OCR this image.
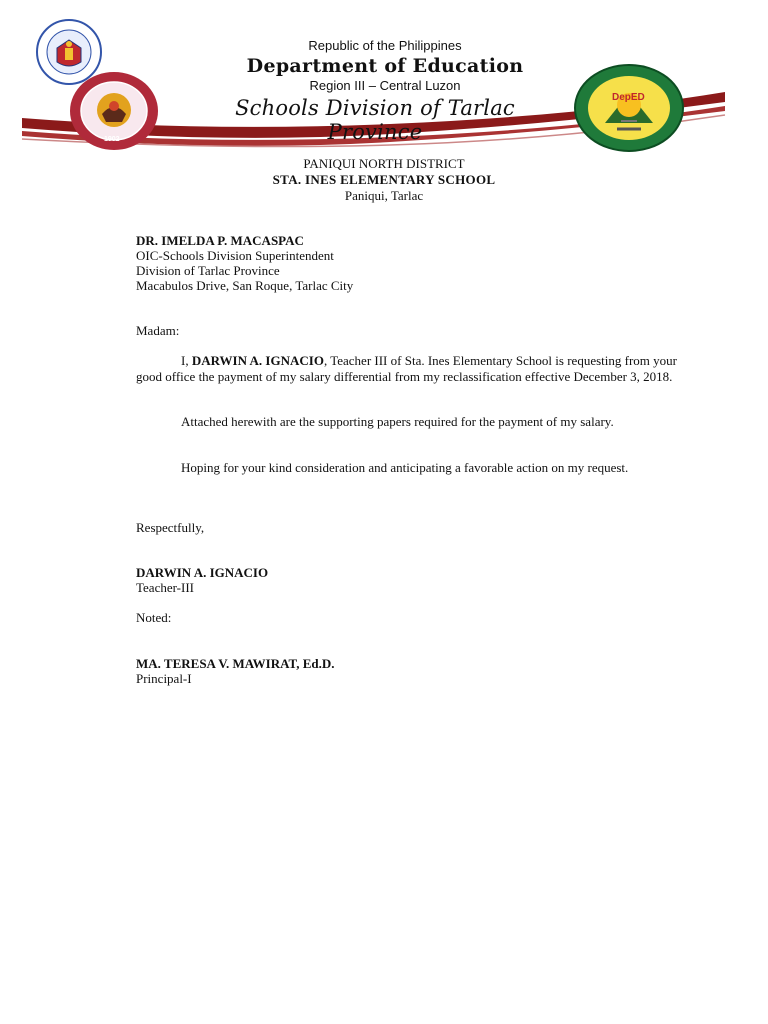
1902
DepED
Republic of the Philippines
Department of Education
Region III – Central Luzon
Schools Division of Tarlac Province
PANIQUI NORTH DISTRICT
STA. INES ELEMENTARY SCHOOL
Paniqui, Tarlac
DR. IMELDA P. MACASPAC
OIC-Schools Division Superintendent
Division of Tarlac Province
Macabulos Drive, San Roque, Tarlac City
Madam:
I, DARWIN A. IGNACIO, Teacher III of Sta. Ines Elementary School is requesting from your good office the payment of my salary differential from my reclassification effective December 3, 2018.
Attached herewith are the supporting papers required for the payment of my salary.
Hoping for your kind consideration and anticipating a favorable action on my request.
Respectfully,
DARWIN A. IGNACIO
Teacher-III
Noted:
MA. TERESA V. MAWIRAT, Ed.D.
Principal-I
